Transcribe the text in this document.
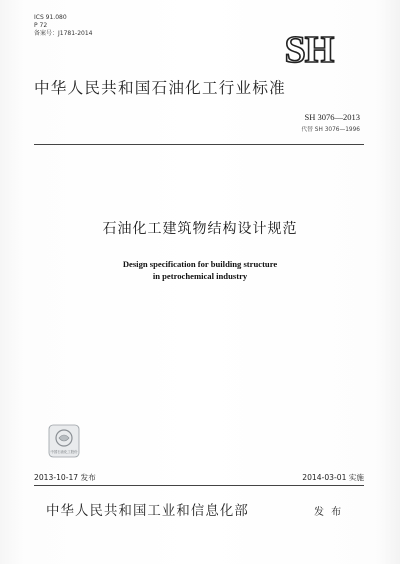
ICS 91.080
P 72
备案号：J1781-2014	SH
中华人民共和国石油化工行业标准
SH 3076—2013
代替 SH 3076—1996
石油化工建筑物结构设计规范
Design specification for building structure
in petrochemical industry
中国石油化工股份
2013-10-17 发布	2014-03-01 实施
中华人民共和国工业和信息化部	发 布
